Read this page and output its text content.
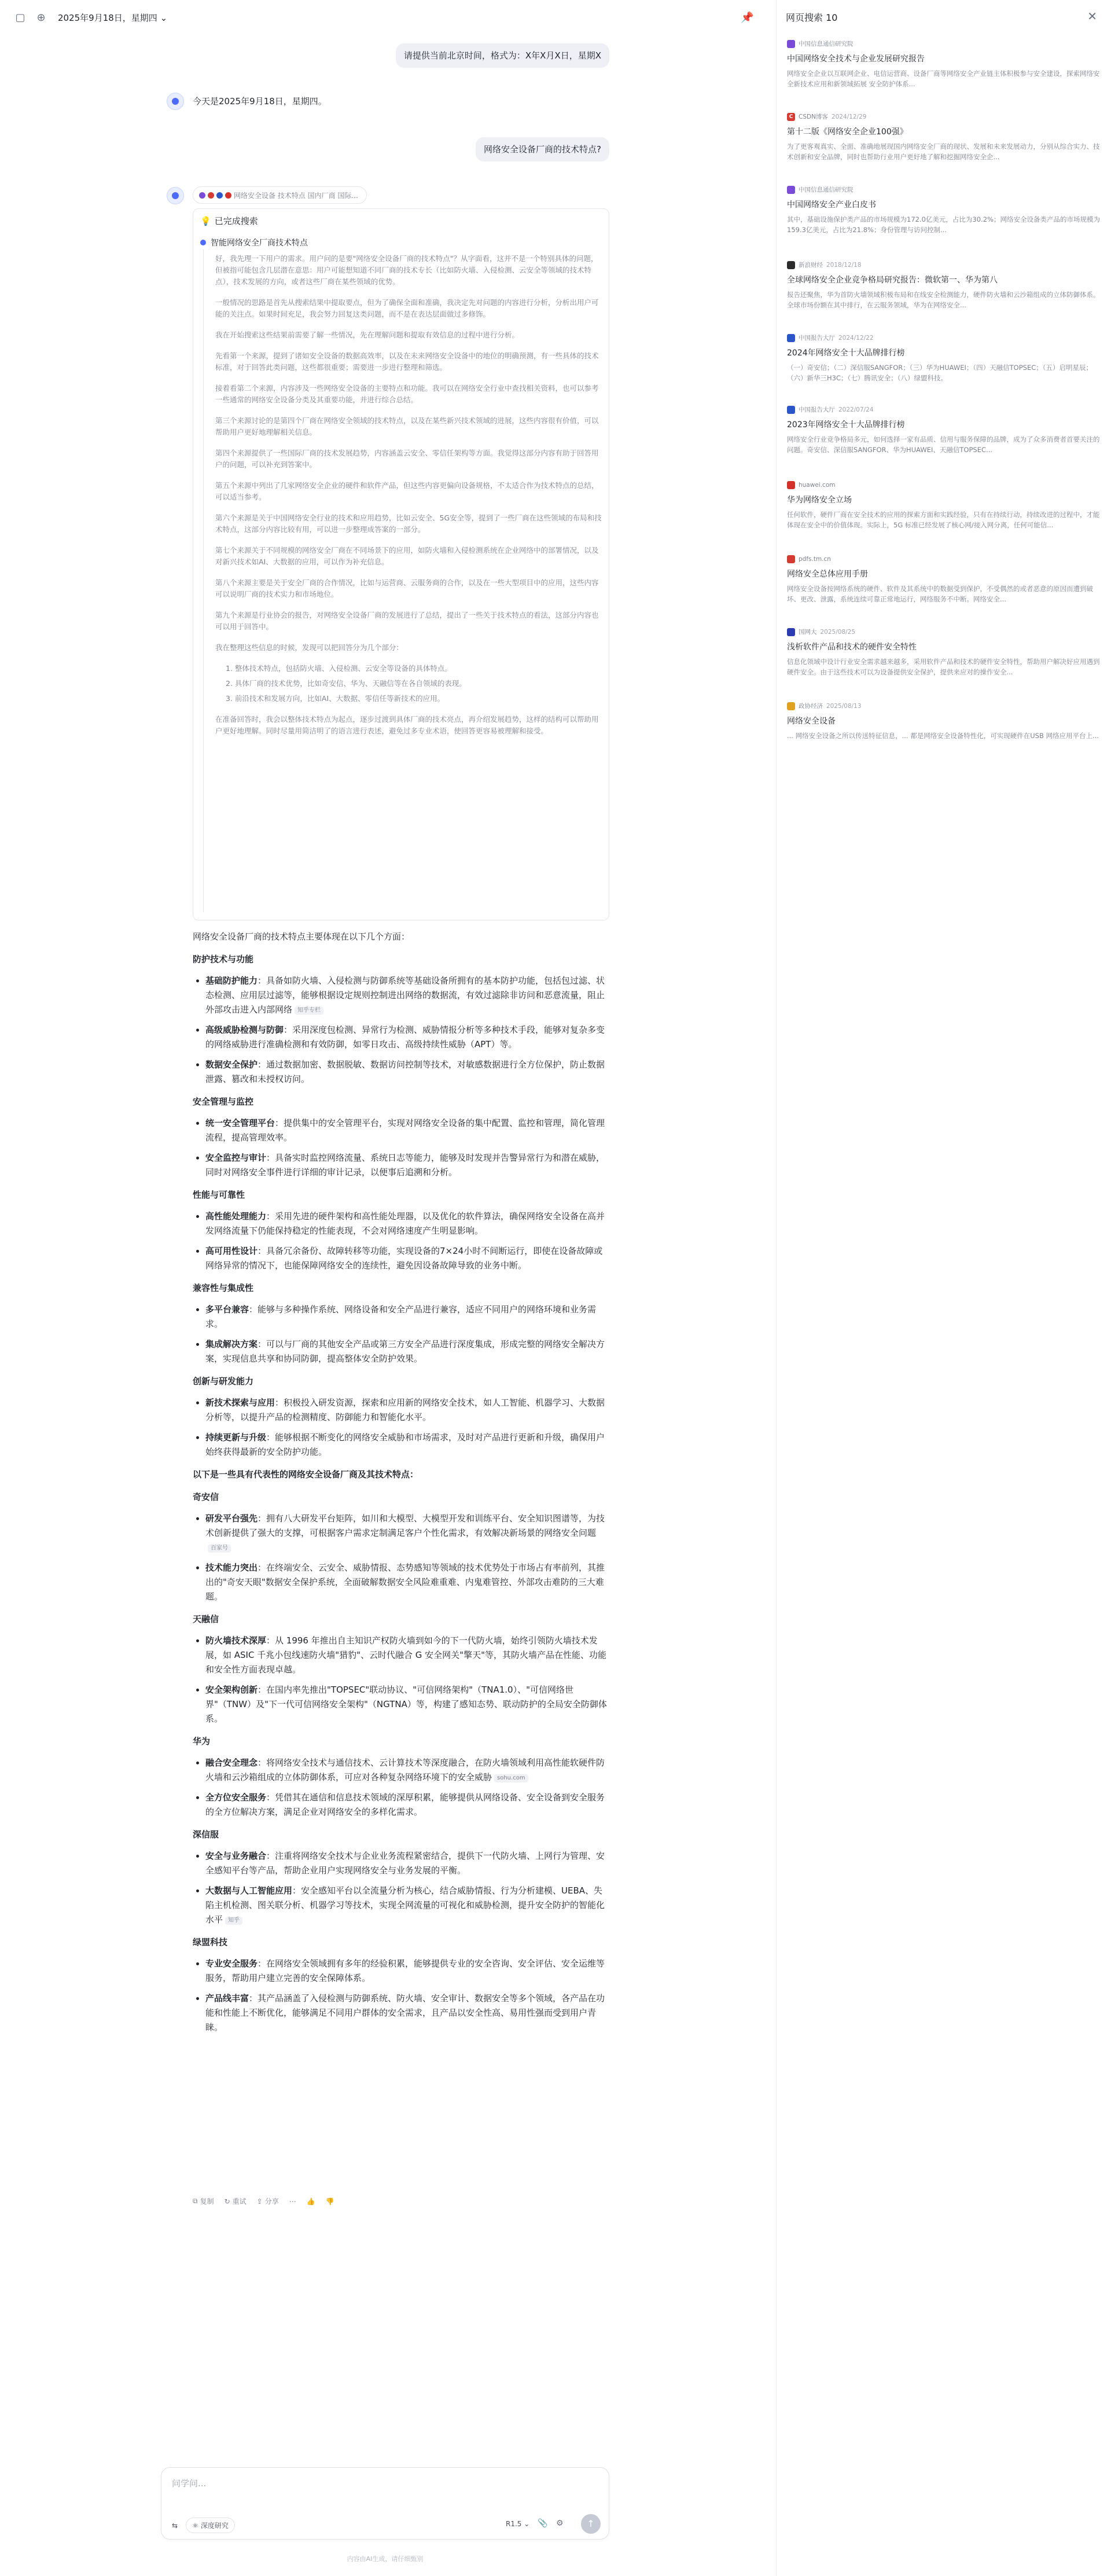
▢ ⊕ 2025年9月18日，星期四 ⌄	📌
请提供当前北京时间，格式为：X年X月X日，星期X
今天是2025年9月18日，星期四。
网络安全设备厂商的技术特点?
网络安全设备 技术特点 国内厂商 国际...
💡 已完成搜索
智能网络安全厂商技术特点

好，我先理一下用户的需求。用户问的是要"网络安全设备厂商的技术特点"？从字面看，这并不是一个特别具体的问题，但被指可能包含几层潜在意思：用户可能想知道不同厂商的技术专长（比如防火墙、入侵检测、云安全等领域的技术特点），技术发展的方向，或者这些厂商在某些领域的优势。

一般情况的思路是首先从搜索结果中提取要点，但为了确保全面和准确，我决定先对问题的内容进行分析，分析出用户可能的关注点。如果时间充足，我会努力回复这类问题，而不是在表达层面做过多修饰。

我在开始搜索这些结果前需要了解一些情况，先在理解问题和提取有效信息的过程中进行分析。

先看第一个来源，提到了诸如安全设备的数据高效率，以及在未来网络安全设备中的地位的明确预测，有一些具体的技术标准，对于回答此类问题，这些都很重要；需要进一步进行整理和筛选。

接着看第二个来源，内容涉及一些网络安全设备的主要特点和功能。我可以在网络安全行业中查找相关资料，也可以参考一些通常的网络安全设备分类及其重要功能，并进行综合总结。

第三个来源讨论的是第四个厂商在网络安全领域的技术特点，以及在某些新兴技术领域的进展，这些内容很有价值，可以帮助用户更好地理解相关信息。

第四个来源提供了一些国际厂商的技术发展趋势，内容涵盖云安全、零信任架构等方面。我觉得这部分内容有助于回答用户的问题，可以补充到答案中。

第五个来源中列出了几家网络安全企业的硬件和软件产品，但这些内容更偏向设备规格，不太适合作为技术特点的总结，可以适当参考。

第六个来源是关于中国网络安全行业的技术和应用趋势，比如云安全、5G安全等，提到了一些厂商在这些领域的布局和技术特点，这部分内容比较有用，可以进一步整理成答案的一部分。

第七个来源关于不同规模的网络安全厂商在不同场景下的应用，如防火墙和入侵检测系统在企业网络中的部署情况，以及对新兴技术如AI、大数据的应用，可以作为补充信息。

第八个来源主要是关于安全厂商的合作情况，比如与运营商、云服务商的合作，以及在一些大型项目中的应用，这些内容可以说明厂商的技术实力和市场地位。

第九个来源是行业协会的报告，对网络安全设备厂商的发展进行了总结，提出了一些关于技术特点的看法，这部分内容也可以用于回答中。

我在整理这些信息的时候，发现可以把回答分为几个部分：

1. 整体技术特点，包括防火墙、入侵检测、云安全等设备的具体特点。
2. 具体厂商的技术优势，比如奇安信、华为、天融信等在各自领域的表现。
3. 前沿技术和发展方向，比如AI、大数据、零信任等新技术的应用。

在准备回答时，我会以整体技术特点为起点，逐步过渡到具体厂商的技术亮点，再介绍发展趋势，这样的结构可以帮助用户更好地理解。同时尽量用简洁明了的语言进行表述，避免过多专业术语，使回答更容易被理解和接受。

网络安全设备厂商的技术特点主要体现在以下几个方面：
防护技术与功能
• 基础防护能力：具备如防火墙、入侵检测与防御系统等基础设备所拥有的基本防护功能，包括包过滤、状态检测、应用层过滤等，能够根据设定规则控制进出网络的数据流，有效过滤除非访问和恶意流量，阻止外部攻击进入内部网络 知乎专栏
• 高级威胁检测与防御：采用深度包检测、异常行为检测、威胁情报分析等多种技术手段，能够对复杂多变的网络威胁进行准确检测和有效防御，如零日攻击、高级持续性威胁（APT）等。
• 数据安全保护：通过数据加密、数据脱敏、数据访问控制等技术，对敏感数据进行全方位保护，防止数据泄露、篡改和未授权访问。
安全管理与监控
• 统一安全管理平台：提供集中的安全管理平台，实现对网络安全设备的集中配置、监控和管理，简化管理流程，提高管理效率。
• 安全监控与审计：具备实时监控网络流量、系统日志等能力，能够及时发现并告警异常行为和潜在威胁，同时对网络安全事件进行详细的审计记录，以便事后追溯和分析。
性能与可靠性
• 高性能处理能力：采用先进的硬件架构和高性能处理器，以及优化的软件算法，确保网络安全设备在高并发网络流量下仍能保持稳定的性能表现，不会对网络速度产生明显影响。
• 高可用性设计：具备冗余备份、故障转移等功能，实现设备的7×24小时不间断运行，即使在设备故障或网络异常的情况下，也能保障网络安全的连续性，避免因设备故障导致的业务中断。
兼容性与集成性
• 多平台兼容：能够与多种操作系统、网络设备和安全产品进行兼容，适应不同用户的网络环境和业务需求。
• 集成解决方案：可以与厂商的其他安全产品或第三方安全产品进行深度集成，形成完整的网络安全解决方案，实现信息共享和协同防御，提高整体安全防护效果。
创新与研发能力
• 新技术探索与应用：积极投入研发资源，探索和应用新的网络安全技术，如人工智能、机器学习、大数据分析等，以提升产品的检测精度、防御能力和智能化水平。
• 持续更新与升级：能够根据不断变化的网络安全威胁和市场需求，及时对产品进行更新和升级，确保用户始终获得最新的安全防护功能。
以下是一些具有代表性的网络安全设备厂商及其技术特点：
奇安信
• 研发平台强先：拥有八大研发平台矩阵，如川和大模型、大模型开发和训练平台、安全知识图谱等，为技术创新提供了强大的支撑，可根据客户需求定制满足客户个性化需求，有效解决新场景的网络安全问题百家号
• 技术能力突出：在终端安全、云安全、威胁情报、态势感知等领域的技术优势处于市场占有率前列，其推出的"奇安天眼"数据安全保护系统，全面破解数据安全风险难重难、内鬼难管控、外部攻击难防的三大难题。
天融信
• 防火墙技术深厚：从 1996 年推出自主知识产权防火墙到如今的下一代防火墙，始终引领防火墙技术发展，如 ASIC 千兆小包线速防火墙"猎豹"、云时代融合 G 安全网关"擎天"等，其防火墙产品在性能、功能和安全性方面表现卓越。
• 安全架构创新：在国内率先推出"TOPSEC"联动协议、"可信网络架构"（TNA1.0）、"可信网络世界"（TNW）及"下一代可信网络安全架构"（NGTNA）等，构建了感知态势、联动防护的全局安全防御体系。
华为
• 融合安全理念：将网络安全技术与通信技术、云计算技术等深度融合，在防火墙领域利用高性能软硬件防火墙和云沙箱组成的立体防御体系，可应对各种复杂网络环境下的安全威胁 sohu.com
• 全方位安全服务：凭借其在通信和信息技术领域的深厚积累，能够提供从网络设备、安全设备到安全服务的全方位解决方案，满足企业对网络安全的多样化需求。
深信服
• 安全与业务融合：注重将网络安全技术与企业业务流程紧密结合，提供下一代防火墙、上网行为管理、安全感知平台等产品，帮助企业用户实现网络安全与业务发展的平衡。
• 大数据与人工智能应用：安全感知平台以全流量分析为核心，结合威胁情报、行为分析建模、UEBA、失陷主机检测、图关联分析、机器学习等技术，实现全网流量的可视化和威胁检测，提升安全防护的智能化水平 知乎
绿盟科技
• 专业安全服务：在网络安全领域拥有多年的经验积累，能够提供专业的安全咨询、安全评估、安全运维等服务，帮助用户建立完善的安全保障体系。
• 产品线丰富：其产品涵盖了入侵检测与防御系统、防火墙、安全审计、数据安全等多个领域，各产品在功能和性能上不断优化，能够满足不同用户群体的安全需求，且产品以安全性高、易用性强而受到用户青睐。
⧉ 复制 ↻ 重试 ⇪ 分享 ⋯ 👍 👎
问学问...
⇆ ⚛ 深度研究	R1.5 ⌄ 📎 ⚙	↑
内容由AI生成，请仔细甄别
网页搜索 10	✕
中国信息通信研究院
中国网络安全技术与企业发展研究报告
网络安全企业以互联网企业、电信运营商、设备厂商等网络安全产业链主体积极参与安全建设，探索网络安全新技术应用和新领域拓展 安全防护体系...
C CSDN博客 2024/12/29
第十二版《网络安全企业100强》
为了更客观真实、全面、准确地展现国内网络安全厂商的现状、发展和未来发展动力，分别从综合实力、技术创新和安全品牌，同时也帮助行业用户更好地了解和挖掘网络安全企...
中国信息通信研究院
中国网络安全产业白皮书
其中，基础设施保护类产品的市场规模为172.0亿美元，占比为30.2%；网络安全设备类产品的市场规模为159.3亿美元，占比为21.8%；身份管理与访问控制...
新浪财经 2018/12/18
全球网络安全企业竞争格局研究报告：微软第一、华为第八
报告还聚焦，华为首防火墙领域积极布局和在线安全检测能力，硬件防火墙和云沙箱组成的立体防御体系。全球市场份额在其中排行，在云服务领域，华为在网络安全...
中国报告大厅 2024/12/22
2024年网络安全十大品牌排行榜
（一）奇安信；（二）深信服SANGFOR；（三）华为HUAWEI；（四）天融信TOPSEC；（五）启明星辰；（六）新华三H3C；（七）腾讯安全；（八）绿盟科技。
中国报告大厅 2022/07/24
2023年网络安全十大品牌排行榜
网络安全行业竞争格局多元，如何选择一家有品质、信用与服务保障的品牌，成为了众多消费者首要关注的问题。奇安信、深信服SANGFOR、华为HUAWEI、天融信TOPSEC...
huawei.com
华为网络安全立场
任何软件，硬件厂商在安全技术的应用的探索方面和实践经验，只有在持续行动，持续改进的过程中，才能体现在安全中的价值体现。实际上，5G 标准已经发展了核心网/接入网分离，任何可能信...
pdfs.tm.cn
网络安全总体应用手册
网络安全设备按网络系统的硬件、软件及其系统中的数据受到保护，不受偶然的或者恶意的原因而遭到破坏、更改、泄露，系统连续可靠正常地运行，网络服务不中断。网络安全...
国网大 2025/08/25
浅析软件产品和技术的硬件安全特性
信息化领域中设计行业安全需求越来越多，采用软件产品和技术的硬件安全特性，帮助用户解决好应用遇到硬件安全。由于这些技术可以为设备提供安全保护，提供来应对的操作安全...
政协经济 2025/08/13
网络安全设备
... 网络安全设备之所以传送特征信息，... 都是网络安全设备特性化，可实现硬件在USB 网络应用平台上...
